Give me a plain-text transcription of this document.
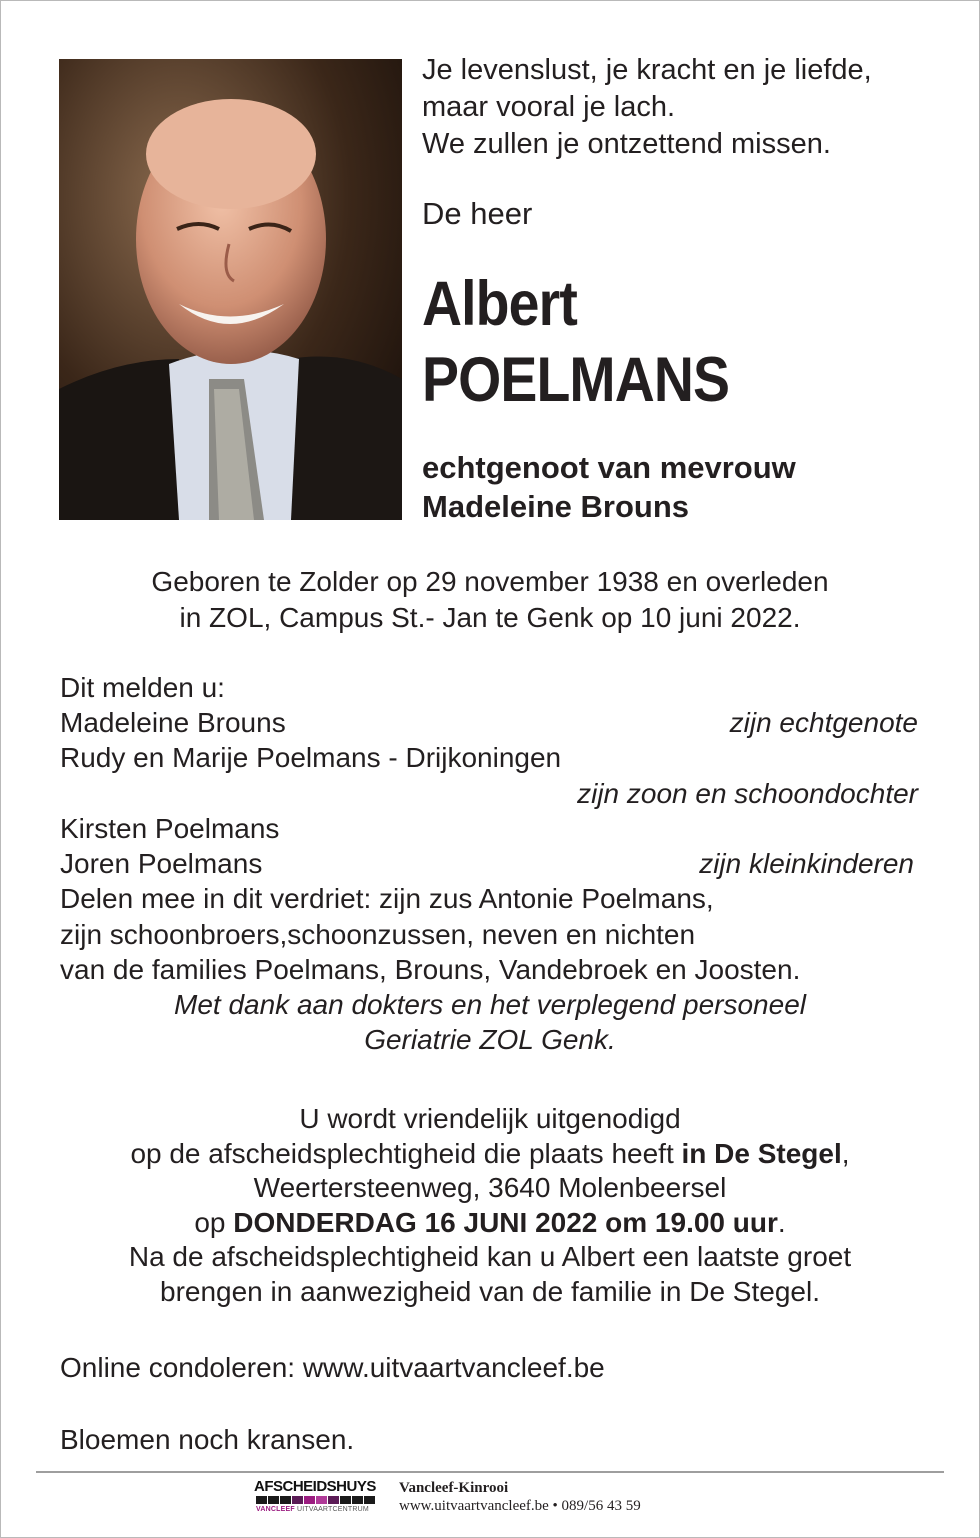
Je levenslust, je kracht en je liefde,
maar vooral je lach.
We zullen je ontzettend missen.
De heer
Albert
POELMANS
echtgenoot van mevrouw
Madeleine Brouns
Geboren te Zolder op 29 november 1938 en overleden
in ZOL, Campus St.- Jan te Genk op 10 juni 2022.
Dit melden u:
Madeleine Brouns	zijn echtgenote
Rudy en Marije Poelmans - Drijkoningen
zijn zoon en schoondochter
Kirsten Poelmans
Joren Poelmans	zijn kleinkinderen
Delen mee in dit verdriet: zijn zus Antonie Poelmans,
zijn schoonbroers,schoonzussen, neven en nichten
van de families Poelmans, Brouns, Vandebroek en Joosten.
Met dank aan dokters en het verplegend personeel
Geriatrie ZOL Genk.
U wordt vriendelijk uitgenodigd
op de afscheidsplechtigheid die plaats heeft in De Stegel,
Weertersteenweg, 3640 Molenbeersel
op DONDERDAG 16 JUNI 2022 om 19.00 uur.
Na de afscheidsplechtigheid kan u Albert een laatste groet
brengen in aanwezigheid van de familie in De Stegel.
Online condoleren: www.uitvaartvancleef.be
Bloemen noch kransen.
AFSCHEIDSHUYS
VANCLEEF UITVAARTCENTRUM
Vancleef-Kinrooi
www.uitvaartvancleef.be • 089/56 43 59
